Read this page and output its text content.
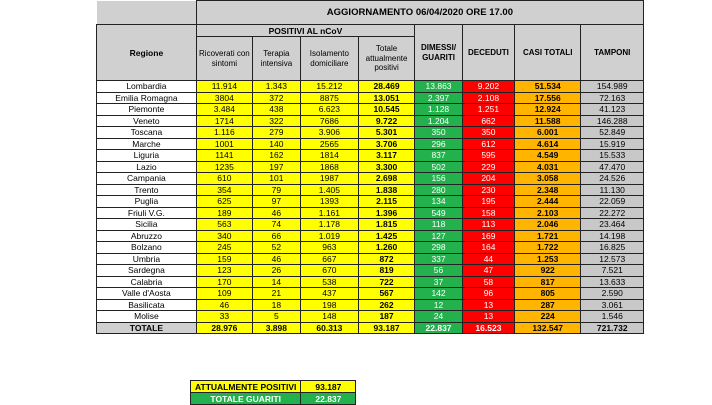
	AGGIORNAMENTO 06/04/2020 ORE 17.00							
Regione	POSITIVI AL nCoV				DIMESSI/ GUARITI	DECEDUTI	CASI TOTALI	TAMPONI
	Ricoverati con sintomi	Terapia intensiva	Isolamento domiciliare	Totale attualmente positivi				
Lombardia	11.914	1.343	15.212	28.469	13.863	9.202	51.534	154.989
Emilia Romagna	3804	372	8875	13.051	2.397	2.108	17.556	72.163
Piemonte	3.484	438	6.623	10.545	1.128	1.251	12.924	41.123
Veneto	1714	322	7686	9.722	1.204	662	11.588	146.288
Toscana	1.116	279	3.906	5.301	350	350	6.001	52.849
Marche	1001	140	2565	3.706	296	612	4.614	15.919
Liguria	1141	162	1814	3.117	837	595	4.549	15.533
Lazio	1235	197	1868	3.300	502	229	4.031	47.470
Campania	610	101	1987	2.698	156	204	3.058	24.526
Trento	354	79	1.405	1.838	280	230	2.348	11.130
Puglia	625	97	1393	2.115	134	195	2.444	22.059
Friuli V.G.	189	46	1.161	1.396	549	158	2.103	22.272
Sicilia	563	74	1.178	1.815	118	113	2.046	23.464
Abruzzo	340	66	1.019	1.425	127	169	1.721	14.198
Bolzano	245	52	963	1.260	298	164	1.722	16.825
Umbria	159	46	667	872	337	44	1.253	12.573
Sardegna	123	26	670	819	56	47	922	7.521
Calabria	170	14	538	722	37	58	817	13.633
Valle d'Aosta	109	21	437	567	142	96	805	2.590
Basilicata	46	18	198	262	12	13	287	3.061
Molise	33	5	148	187	24	13	224	1.546
TOTALE	28.976	3.898	60.313	93.187	22.837	16.523	132.547	721.732
ATTUALMENTE POSITIVI	93.187
TOTALE GUARITI	22.837
